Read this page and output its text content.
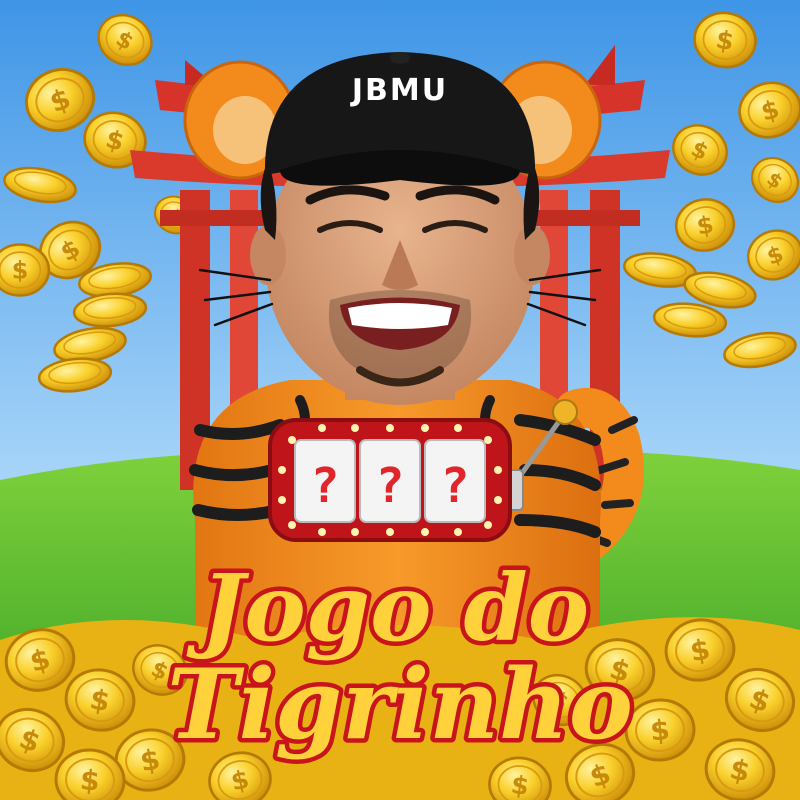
JBMU
? ? ?
Jogo do
Tigrinho
